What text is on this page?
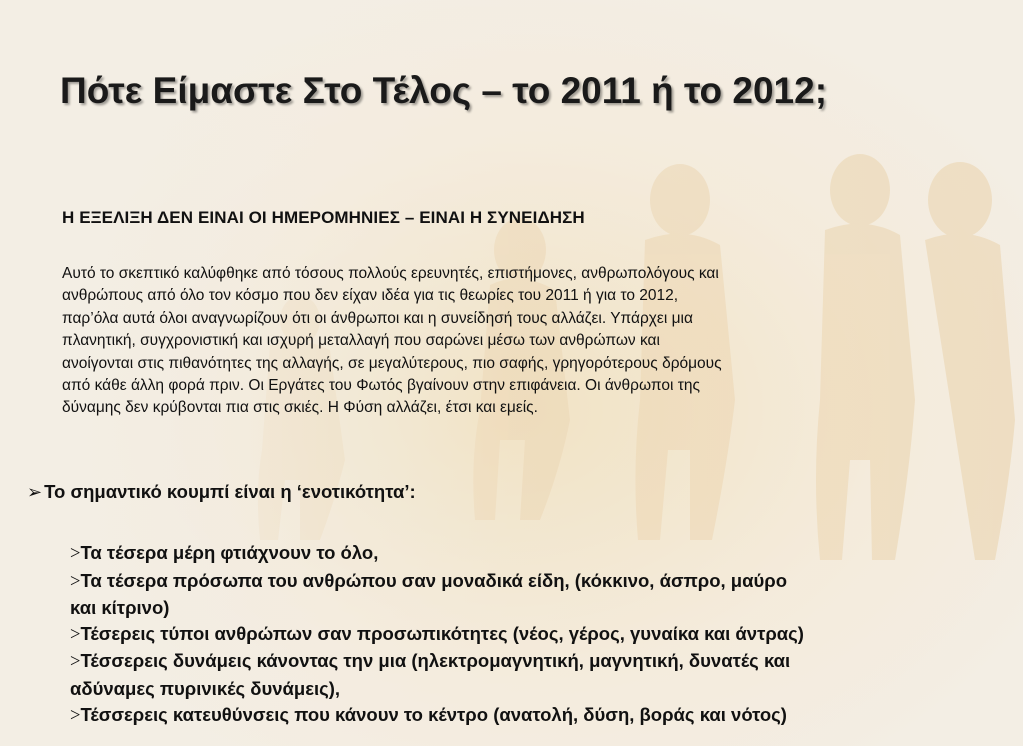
Πότε Είμαστε Στο Τέλος – το 2011 ή το 2012;

Η ΕΞΕΛΙΞΗ ΔΕΝ ΕΙΝΑΙ ΟΙ ΗΜΕΡΟΜΗΝΙΕΣ – ΕΙΝΑΙ Η ΣΥΝΕΙΔΗΣΗ

Αυτό το σκεπτικό καλύφθηκε από τόσους πολλούς ερευνητές, επιστήμονες, ανθρωπολόγους και
ανθρώπους από όλο τον κόσμο που δεν είχαν ιδέα για τις θεωρίες του 2011 ή για το 2012,
παρ’όλα αυτά όλοι αναγνωρίζουν ότι οι άνθρωποι και η συνείδησή τους αλλάζει. Υπάρχει μια
πλανητική, συγχρονιστική και ισχυρή μεταλλαγή που σαρώνει μέσω των ανθρώπων και
ανοίγονται στις πιθανότητες της αλλαγής, σε μεγαλύτερους, πιο σαφής, γρηγορότερους δρόμους
από κάθε άλλη φορά πριν. Οι Εργάτες του Φωτός βγαίνουν στην επιφάνεια. Οι άνθρωποι της
δύναμης δεν κρύβονται πια στις σκιές. Η Φύση αλλάζει, έτσι και εμείς.

➢ Το σημαντικό κουμπί είναι η ‘ενοτικότητα’:

>Τα τέσερα μέρη φτιάχνουν το όλο,
>Τα τέσερα πρόσωπα του ανθρώπου σαν μοναδικά είδη, (κόκκινο, άσπρο, μαύρο
και κίτρινο)
>Τέσερεις τύποι ανθρώπων σαν προσωπικότητες (νέος, γέρος, γυναίκα και άντρας)
>Τέσσερεις δυνάμεις κάνοντας την μια (ηλεκτρομαγνητική, μαγνητική, δυνατές και
αδύναμες πυρινικές δυνάμεις),
>Τέσσερεις κατευθύνσεις που κάνουν το κέντρο (ανατολή, δύση, βοράς και νότος)
